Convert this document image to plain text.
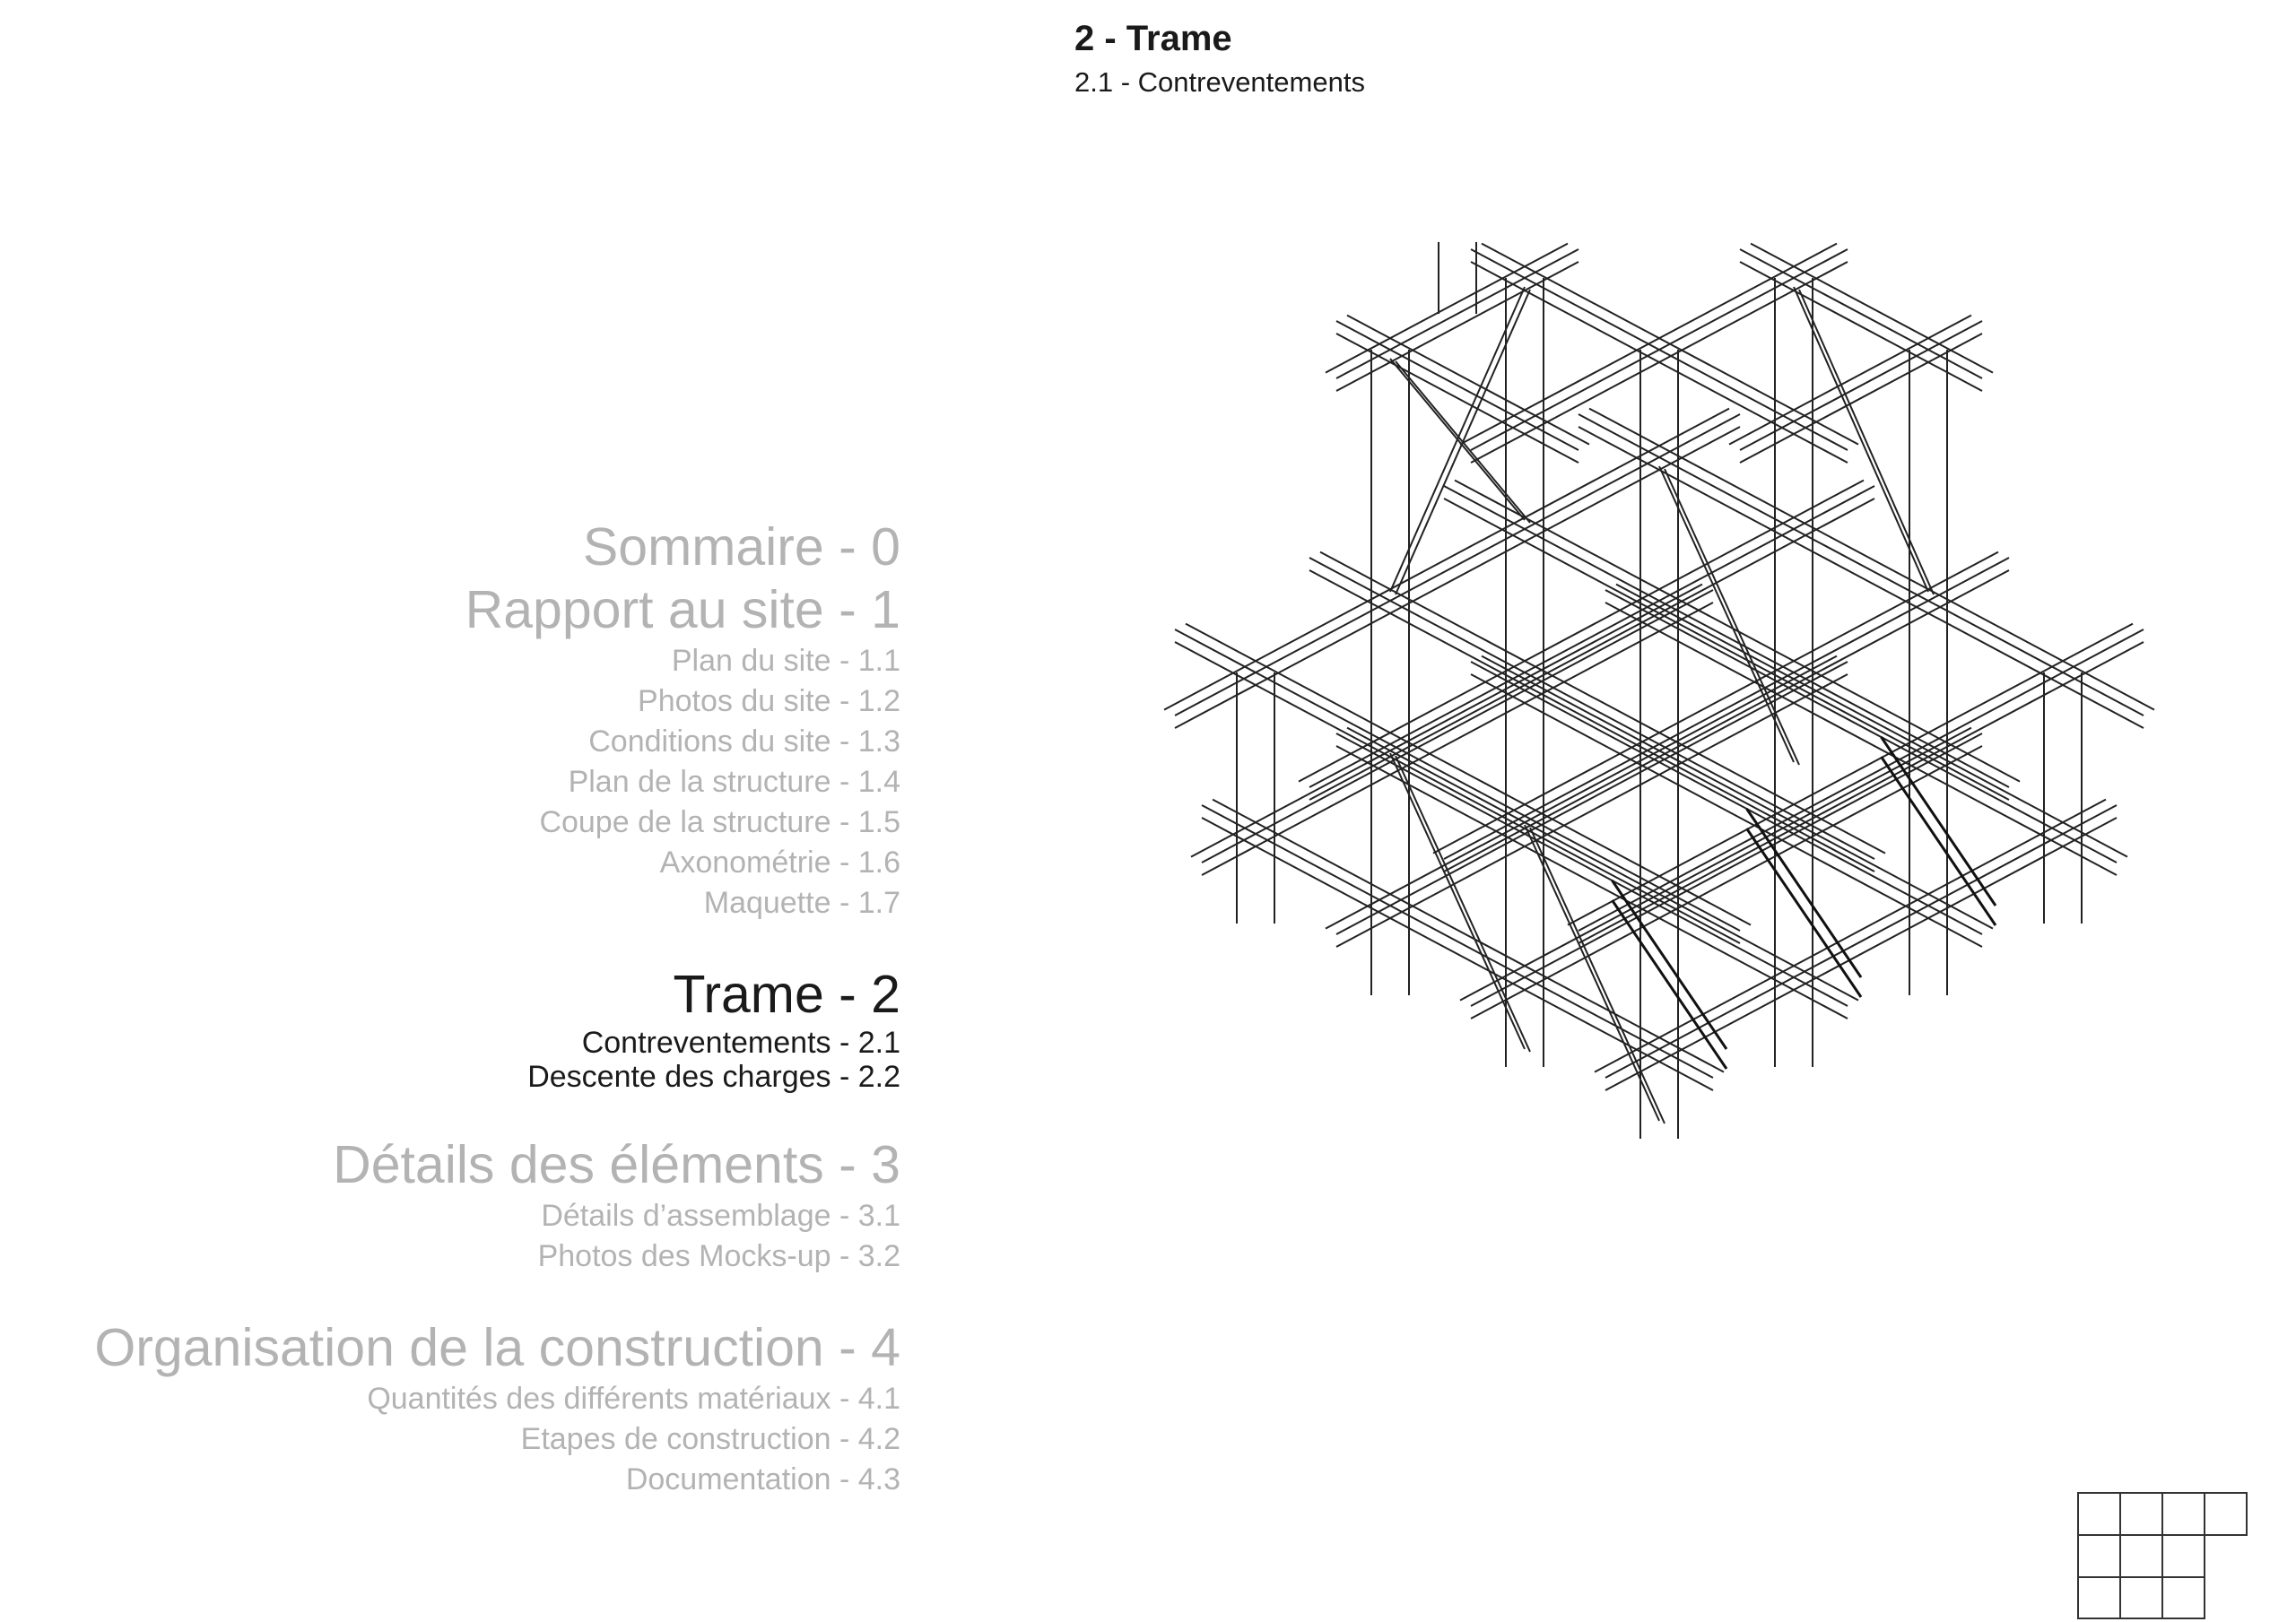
2 - Trame
2.1 - Contreventements
Sommaire - 0
Rapport au site - 1
Plan du site - 1.1
Photos du site - 1.2
Conditions du site - 1.3
Plan de la structure - 1.4
Coupe de la structure - 1.5
Axonométrie - 1.6
Maquette - 1.7
Trame - 2
Contreventements - 2.1
Descente des charges - 2.2
Détails des éléments - 3
Détails d’assemblage - 3.1
Photos des Mocks-up - 3.2
Organisation de la construction - 4
Quantités des différents matériaux - 4.1
Etapes de construction - 4.2
Documentation - 4.3
